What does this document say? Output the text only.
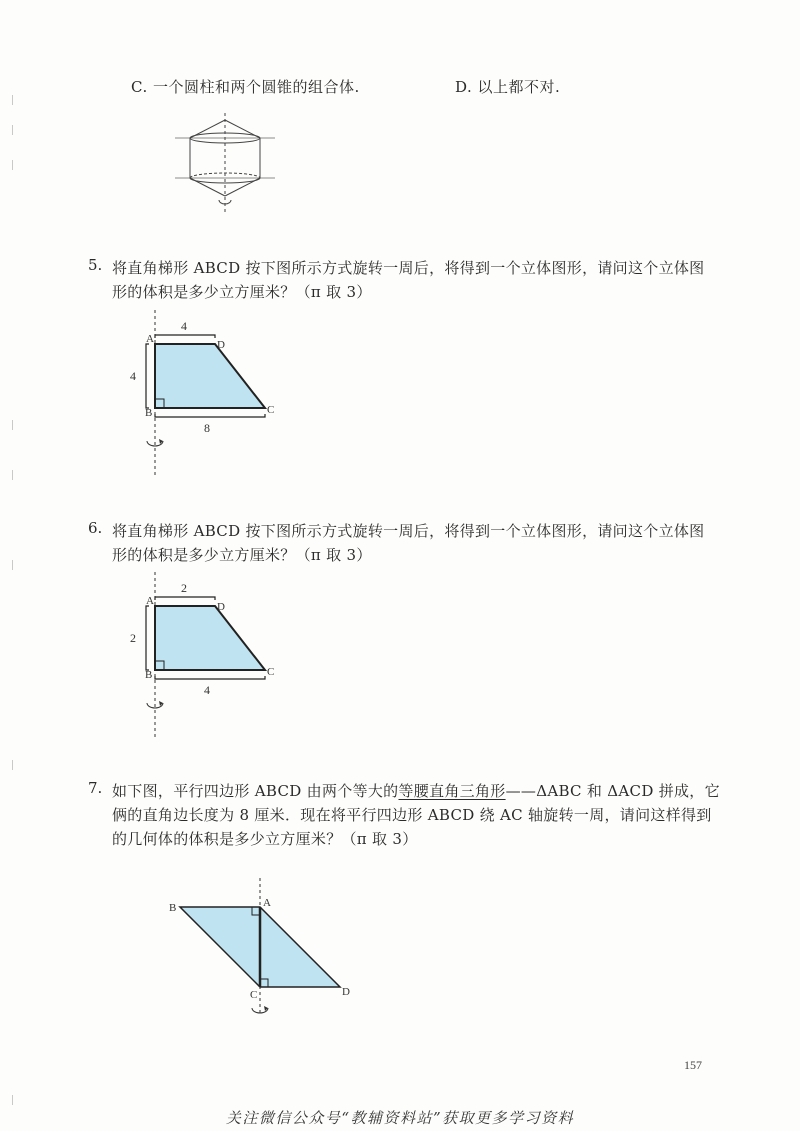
C. 一个圆柱和两个圆锥的组合体.	D. 以上都不对.
5. 将直角梯形 ABCD 按下图所示方式旋转一周后，将得到一个立体图形，请问这个立体图
形的体积是多少立方厘米？（π 取 3）
A	D
C
B
4
4
8
6. 将直角梯形 ABCD 按下图所示方式旋转一周后，将得到一个立体图形，请问这个立体图
形的体积是多少立方厘米？（π 取 3）
A	D
C
B
2
2
4
7. 如下图，平行四边形 ABCD 由两个等大的等腰直角三角形——ΔABC 和 ΔACD 拼成，它
俩的直角边长度为 8 厘米．现在将平行四边形 ABCD 绕 AC 轴旋转一周，请问这样得到
的几何体的体积是多少立方厘米？（π 取 3）
B	A
C	D
157
关注微信公众号“教辅资料站”获取更多学习资料
